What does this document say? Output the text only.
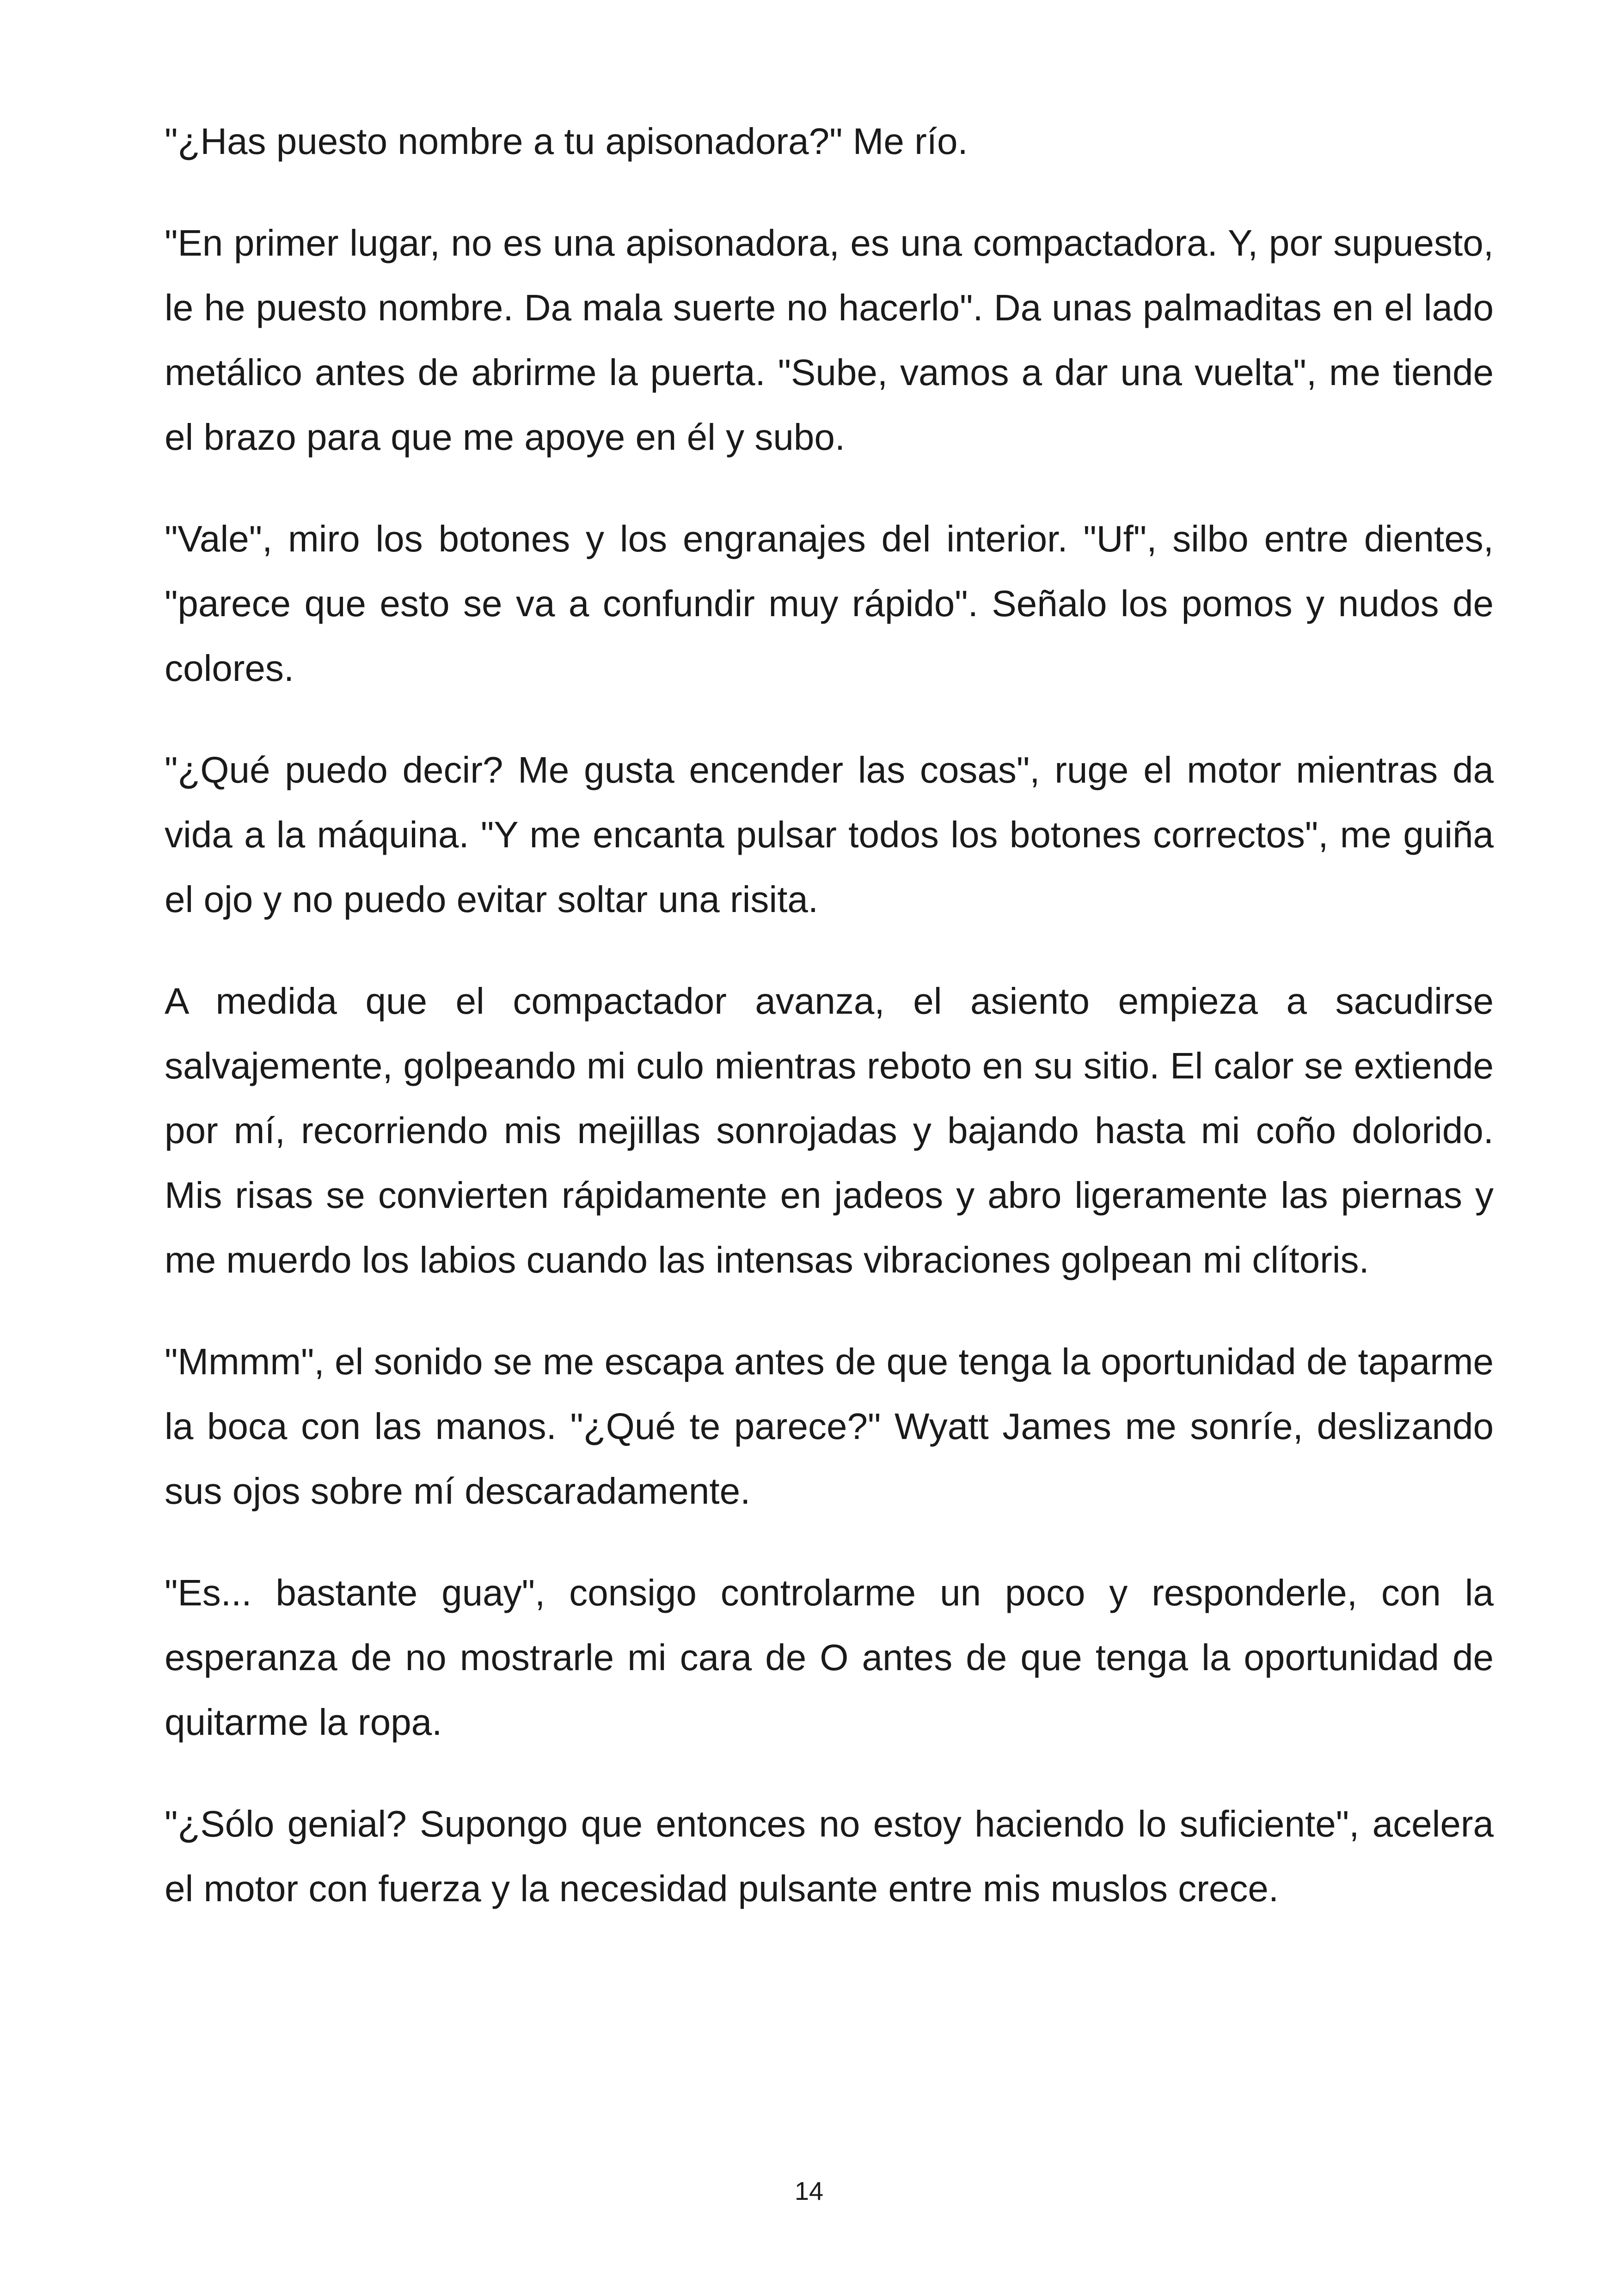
"¿Has puesto nombre a tu apisonadora?" Me río.

"En primer lugar, no es una apisonadora, es una compactadora. Y, por supuesto, le he puesto nombre. Da mala suerte no hacerlo". Da unas palmaditas en el lado metálico antes de abrirme la puerta. "Sube, vamos a dar una vuelta", me tiende el brazo para que me apoye en él y subo.

"Vale", miro los botones y los engranajes del interior. "Uf", silbo entre dientes, "parece que esto se va a confundir muy rápido". Señalo los pomos y nudos de colores.

"¿Qué puedo decir? Me gusta encender las cosas", ruge el motor mientras da vida a la máquina. "Y me encanta pulsar todos los botones correctos", me guiña el ojo y no puedo evitar soltar una risita.

A medida que el compactador avanza, el asiento empieza a sacudirse salvajemente, golpeando mi culo mientras reboto en su sitio. El calor se extiende por mí, recorriendo mis mejillas sonrojadas y bajando hasta mi coño dolorido. Mis risas se convierten rápidamente en jadeos y abro ligeramente las piernas y me muerdo los labios cuando las intensas vibraciones golpean mi clítoris.

"Mmmm", el sonido se me escapa antes de que tenga la oportunidad de taparme la boca con las manos. "¿Qué te parece?" Wyatt James me sonríe, deslizando sus ojos sobre mí descaradamente.

"Es... bastante guay", consigo controlarme un poco y responderle, con la esperanza de no mostrarle mi cara de O antes de que tenga la oportunidad de quitarme la ropa.

"¿Sólo genial? Supongo que entonces no estoy haciendo lo suficiente", acelera el motor con fuerza y la necesidad pulsante entre mis muslos crece.

14
